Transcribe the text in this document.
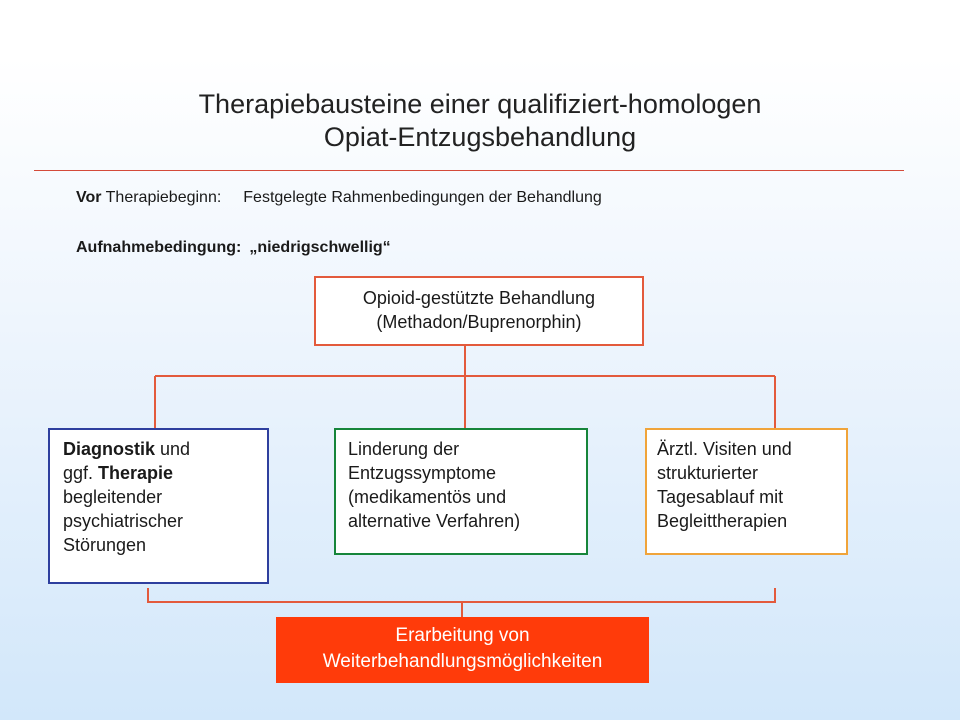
Therapiebausteine einer qualifiziert-homologen
Opiat-Entzugsbehandlung
Vor Therapiebeginn: Festgelegte Rahmenbedingungen der Behandlung
Aufnahmebedingung: „niedrigschwellig“
Opioid-gestützte Behandlung
(Methadon/Buprenorphin)
Diagnostik und
ggf. Therapie
begleitender
psychiatrischer
Störungen
Linderung der
Entzugssymptome
(medikamentös und
alternative Verfahren)
Ärztl. Visiten und
strukturierter
Tagesablauf mit
Begleittherapien
Erarbeitung von
Weiterbehandlungsmöglichkeiten
